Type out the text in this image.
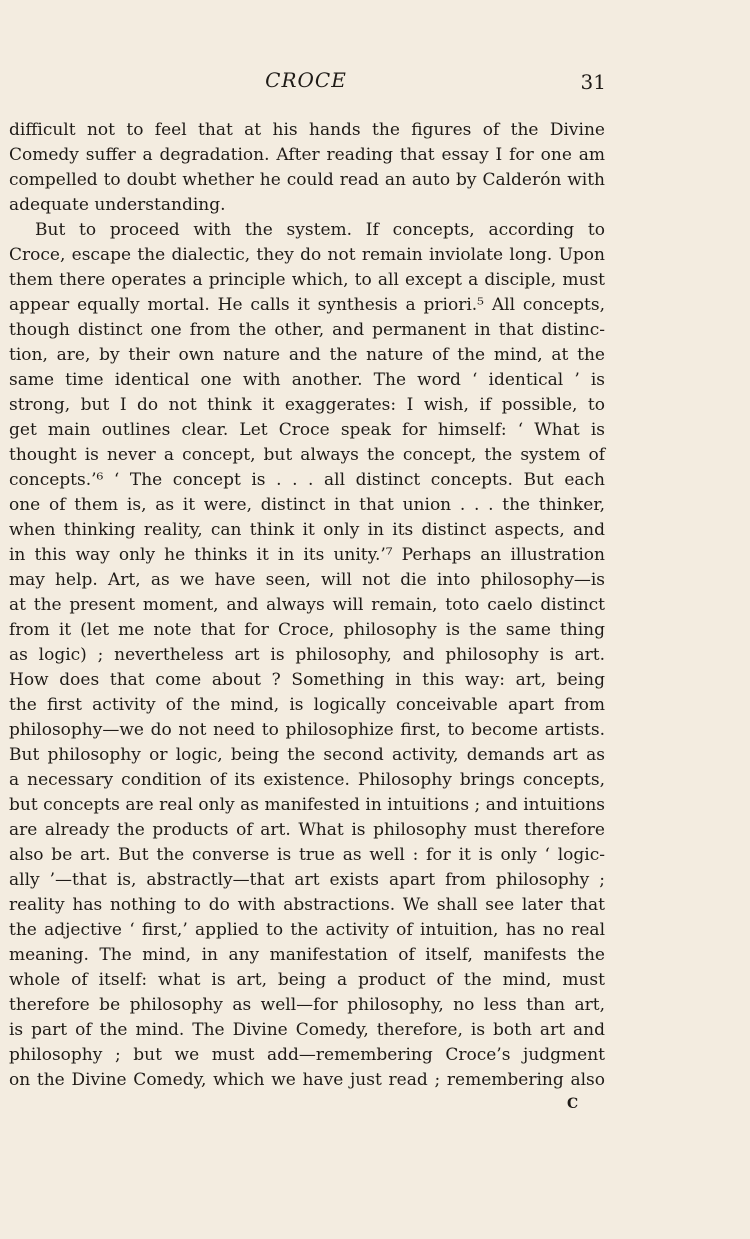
CROCE	31
difficult not to feel that at his hands the figures of the Divine
Comedy suffer a degradation. After reading that essay I for one am
compelled to doubt whether he could read an auto by Calderón with
adequate understanding.
But to proceed with the system. If concepts, according to
Croce, escape the dialectic, they do not remain inviolate long. Upon
them there operates a principle which, to all except a disciple, must
appear equally mortal. He calls it synthesis a priori.⁵ All concepts,
though distinct one from the other, and permanent in that distinc-
tion, are, by their own nature and the nature of the mind, at the
same time identical one with another. The word ‘ identical ’ is
strong, but I do not think it exaggerates: I wish, if possible, to
get main outlines clear. Let Croce speak for himself: ‘ What is
thought is never a concept, but always the concept, the system of
concepts.’⁶ ‘ The concept is . . . all distinct concepts. But each
one of them is, as it were, distinct in that union . . . the thinker,
when thinking reality, can think it only in its distinct aspects, and
in this way only he thinks it in its unity.’⁷ Perhaps an illustration
may help. Art, as we have seen, will not die into philosophy—is
at the present moment, and always will remain, toto caelo distinct
from it (let me note that for Croce, philosophy is the same thing
as logic) ; nevertheless art is philosophy, and philosophy is art.
How does that come about ? Something in this way: art, being
the first activity of the mind, is logically conceivable apart from
philosophy—we do not need to philosophize first, to become artists.
But philosophy or logic, being the second activity, demands art as
a necessary condition of its existence. Philosophy brings concepts,
but concepts are real only as manifested in intuitions ; and intuitions
are already the products of art. What is philosophy must therefore
also be art. But the converse is true as well : for it is only ‘ logic-
ally ’—that is, abstractly—that art exists apart from philosophy ;
reality has nothing to do with abstractions. We shall see later that
the adjective ‘ first,’ applied to the activity of intuition, has no real
meaning. The mind, in any manifestation of itself, manifests the
whole of itself: what is art, being a product of the mind, must
therefore be philosophy as well—for philosophy, no less than art,
is part of the mind. The Divine Comedy, therefore, is both art and
philosophy ; but we must add—remembering Croce’s judgment
on the Divine Comedy, which we have just read ; remembering also
C
